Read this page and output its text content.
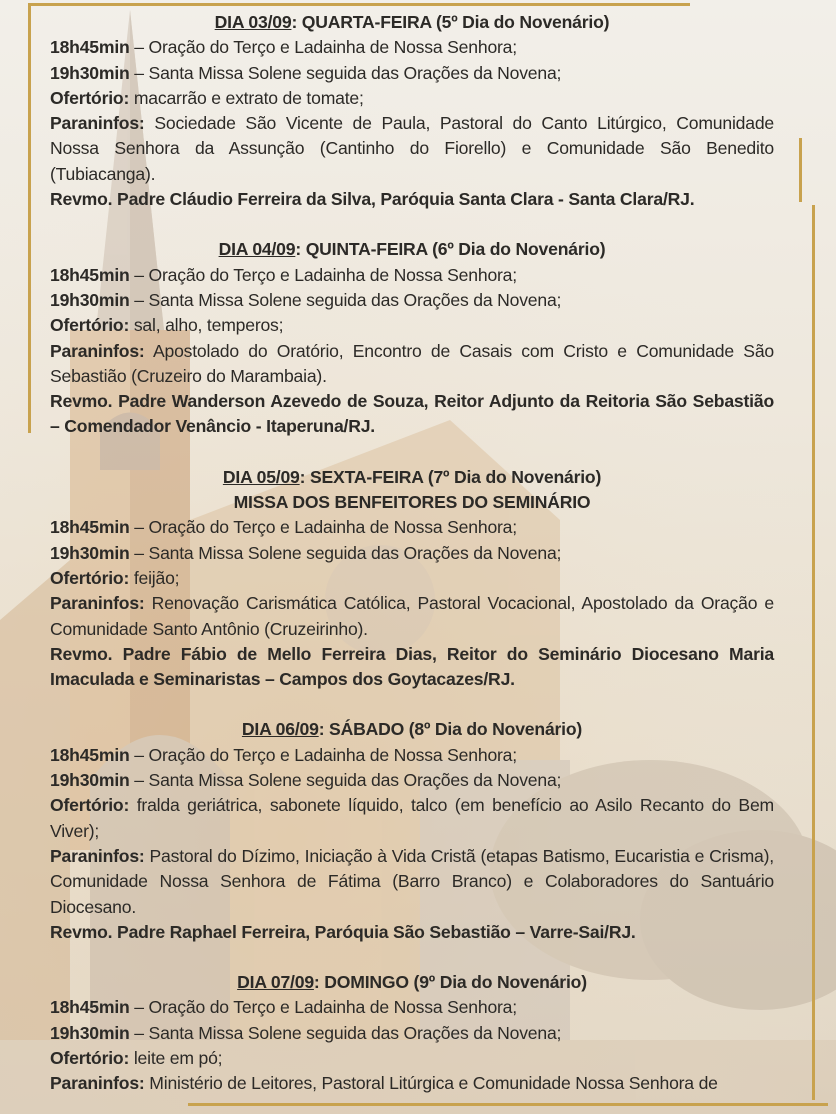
DIA 03/09: QUARTA-FEIRA (5º Dia do Novenário)

18h45min – Oração do Terço e Ladainha de Nossa Senhora;

19h30min – Santa Missa Solene seguida das Orações da Novena;

Ofertório: macarrão e extrato de tomate;

Paraninfos: Sociedade São Vicente de Paula, Pastoral do Canto Litúrgico, Comunidade Nossa Senhora da Assunção (Cantinho do Fiorello) e Comunidade São Benedito (Tubiacanga).

Revmo. Padre Cláudio Ferreira da Silva, Paróquia Santa Clara - Santa Clara/RJ.

DIA 04/09: QUINTA-FEIRA (6º Dia do Novenário)

18h45min – Oração do Terço e Ladainha de Nossa Senhora;

19h30min – Santa Missa Solene seguida das Orações da Novena;

Ofertório: sal, alho, temperos;

Paraninfos: Apostolado do Oratório, Encontro de Casais com Cristo e Comunidade São Sebastião (Cruzeiro do Marambaia).

Revmo. Padre Wanderson Azevedo de Souza, Reitor Adjunto da Reitoria São Sebastião – Comendador Venâncio - Itaperuna/RJ.

DIA 05/09: SEXTA-FEIRA (7º Dia do Novenário)

MISSA DOS BENFEITORES DO SEMINÁRIO

18h45min – Oração do Terço e Ladainha de Nossa Senhora;

19h30min – Santa Missa Solene seguida das Orações da Novena;

Ofertório: feijão;

Paraninfos: Renovação Carismática Católica, Pastoral Vocacional, Apostolado da Oração e Comunidade Santo Antônio (Cruzeirinho).

Revmo. Padre Fábio de Mello Ferreira Dias, Reitor do Seminário Diocesano Maria Imaculada e Seminaristas – Campos dos Goytacazes/RJ.

DIA 06/09: SÁBADO (8º Dia do Novenário)

18h45min – Oração do Terço e Ladainha de Nossa Senhora;

19h30min – Santa Missa Solene seguida das Orações da Novena;

Ofertório: fralda geriátrica, sabonete líquido, talco (em benefício ao Asilo Recanto do Bem Viver);

Paraninfos: Pastoral do Dízimo, Iniciação à Vida Cristã (etapas Batismo, Eucaristia e Crisma), Comunidade Nossa Senhora de Fátima (Barro Branco) e Colaboradores do Santuário Diocesano.

Revmo. Padre Raphael Ferreira, Paróquia São Sebastião – Varre-Sai/RJ.

DIA 07/09: DOMINGO (9º Dia do Novenário)

18h45min – Oração do Terço e Ladainha de Nossa Senhora;

19h30min – Santa Missa Solene seguida das Orações da Novena;

Ofertório: leite em pó;

Paraninfos: Ministério de Leitores, Pastoral Litúrgica e Comunidade Nossa Senhora de
